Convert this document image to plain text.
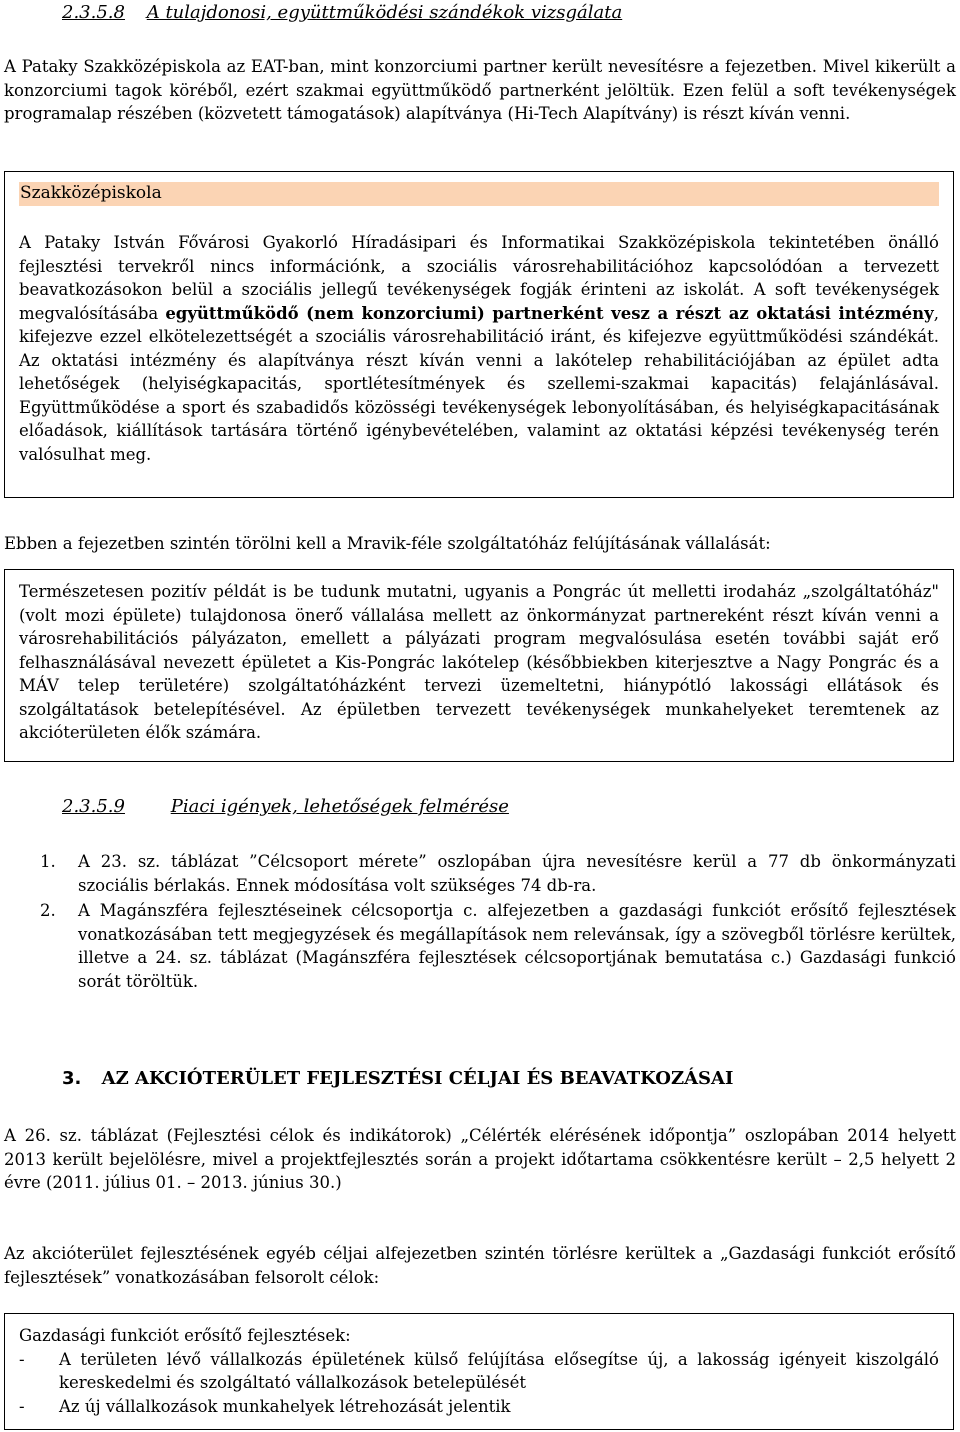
2.3.5.8 A tulajdonosi, együttműködési szándékok vizsgálata
A Pataky Szakközépiskola az EAT-ban, mint konzorciumi partner került nevesítésre a fejezetben. Mivel kikerült a konzorciumi tagok köréből, ezért szakmai együttműködő partnerként jelöltük. Ezen felül a soft tevékenységek programalap részében (közvetett támogatások) alapítványa (Hi-Tech Alapítvány) is részt kíván venni.
Szakközépiskola
A Pataky István Fővárosi Gyakorló Híradásipari és Informatikai Szakközépiskola tekintetében önálló fejlesztési tervekről nincs információnk, a szociális városrehabilitációhoz kapcsolódóan a tervezett beavatkozásokon belül a szociális jellegű tevékenységek fogják érinteni az iskolát. A soft tevékenységek megvalósításába együttműködő (nem konzorciumi) partnerként vesz a részt az oktatási intézmény, kifejezve ezzel elkötelezettségét a szociális városrehabilitáció iránt, és kifejezve együttműködési szándékát. Az oktatási intézmény és alapítványa részt kíván venni a lakótelep rehabilitációjában az épület adta lehetőségek (helyiségkapacitás, sportlétesítmények és szellemi-szakmai kapacitás) felajánlásával. Együttműködése a sport és szabadidős közösségi tevékenységek lebonyolításában, és helyiségkapacitásának előadások, kiállítások tartására történő igénybevételében, valamint az oktatási képzési tevékenység terén valósulhat meg.
Ebben a fejezetben szintén törölni kell a Mravik-féle szolgáltatóház felújításának vállalását:
Természetesen pozitív példát is be tudunk mutatni, ugyanis a Pongrác út melletti irodaház „szolgáltatóház" (volt mozi épülete) tulajdonosa önerő vállalása mellett az önkormányzat partnereként részt kíván venni a városrehabilitációs pályázaton, emellett a pályázati program megvalósulása esetén további saját erő felhasználásával nevezett épületet a Kis-Pongrác lakótelep (későbbiekben kiterjesztve a Nagy Pongrác és a MÁV telep területére) szolgáltatóházként tervezi üzemeltetni, hiánypótló lakossági ellátások és szolgáltatások betelepítésével. Az épületben tervezett tevékenységek munkahelyeket teremtenek az akcióterületen élők számára.
2.3.5.9	Piaci igények, lehetőségek felmérése
1. A 23. sz. táblázat ”Célcsoport mérete” oszlopában újra nevesítésre kerül a 77 db önkormányzati szociális bérlakás. Ennek módosítása volt szükséges 74 db-ra.
2. A Magánszféra fejlesztéseinek célcsoportja c. alfejezetben a gazdasági funkciót erősítő fejlesztések vonatkozásában tett megjegyzések és megállapítások nem relevánsak, így a szövegből törlésre kerültek, illetve a 24. sz. táblázat (Magánszféra fejlesztések célcsoportjának bemutatása c.) Gazdasági funkció sorát töröltük.
3. AZ AKCIÓTERÜLET FEJLESZTÉSI CÉLJAI ÉS BEAVATKOZÁSAI
A 26. sz. táblázat (Fejlesztési célok és indikátorok) „Célérték elérésének időpontja” oszlopában 2014 helyett 2013 került bejelölésre, mivel a projektfejlesztés során a projekt időtartama csökkentésre került – 2,5 helyett 2 évre (2011. július 01. – 2013. június 30.)
Az akcióterület fejlesztésének egyéb céljai alfejezetben szintén törlésre kerültek a „Gazdasági funkciót erősítő fejlesztések” vonatkozásában felsorolt célok:
Gazdasági funkciót erősítő fejlesztések:
- A területen lévő vállalkozás épületének külső felújítása elősegítse új, a lakosság igényeit kiszolgáló kereskedelmi és szolgáltató vállalkozások betelepülését
- Az új vállalkozások munkahelyek létrehozását jelentik
